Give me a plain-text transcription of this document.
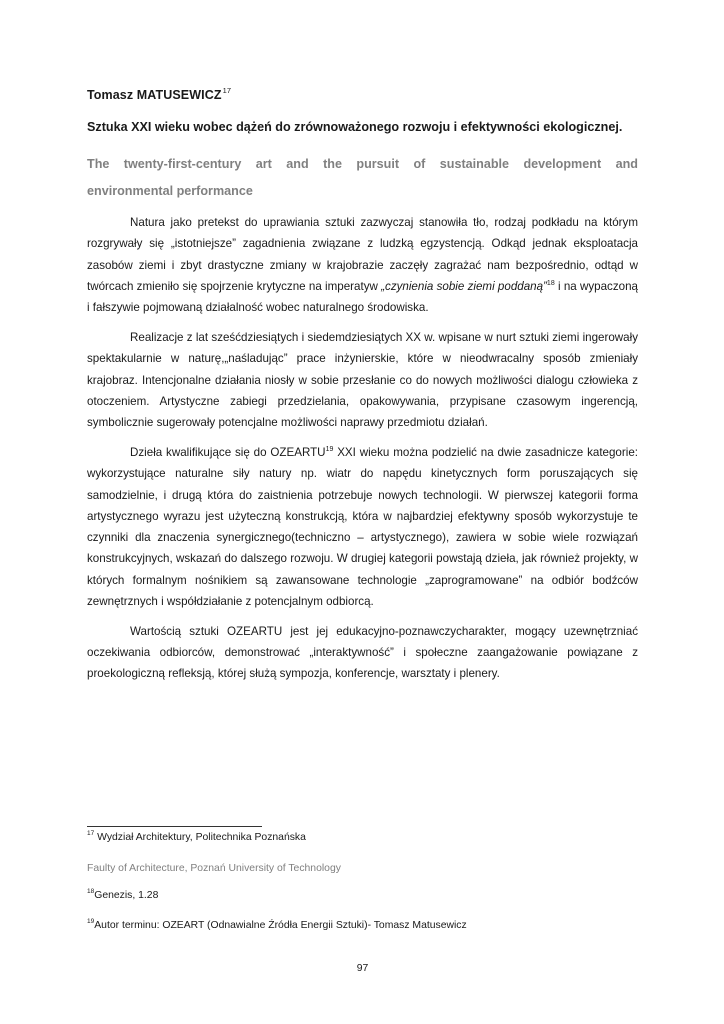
Tomasz MATUSEWICZ$^{17}$
Sztuka XXI wieku wobec dążeń do zrównoważonego rozwoju i efektywności ekologicznej.
The twenty-first-century art and the pursuit of sustainable development and
environmental performance

Natura jako pretekst do uprawiania sztuki zazwyczaj stanowiła tło, rodzaj podkładu na którym rozgrywały się „istotniejsze” zagadnienia związane z ludzką egzystencją. Odkąd jednak eksploatacja zasobów ziemi i zbyt drastyczne zmiany w krajobrazie zaczęły zagrażać nam bezpośrednio, odtąd w twórcach zmieniło się spojrzenie krytyczne na imperatyw „czynienia sobie ziemi poddaną”$^{18}$ i na wypaczoną i fałszywie pojmowaną działalność wobec naturalnego środowiska.

Realizacje z lat sześćdziesiątych i siedemdziesiątych XX w. wpisane w nurt sztuki ziemi ingerowały spektakularnie w naturę,„naśladując” prace inżynierskie, które w nieodwracalny sposób zmieniały krajobraz. Intencjonalne działania niosły w sobie przesłanie co do nowych możliwości dialogu człowieka z otoczeniem. Artystyczne zabiegi przedzielania, opakowywania, przypisane czasowym ingerencją, symbolicznie sugerowały potencjalne możliwości naprawy przedmiotu działań.

Dzieła kwalifikujące się do OZEARTU$^{19}$ XXI wieku można podzielić na dwie zasadnicze kategorie: wykorzystujące naturalne siły natury np. wiatr do napędu kinetycznych form poruszających się samodzielnie, i drugą która do zaistnienia potrzebuje nowych technologii. W pierwszej kategorii forma artystycznego wyrazu jest użyteczną konstrukcją, która w najbardziej efektywny sposób wykorzystuje te czynniki dla znaczenia synergicznego(techniczno – artystycznego), zawiera w sobie wiele rozwiązań konstrukcyjnych, wskazań do dalszego rozwoju. W drugiej kategorii powstają dzieła, jak również projekty, w których formalnym nośnikiem są zawansowane technologie „zaprogramowane” na odbiór bodźców zewnętrznych i współdziałanie z potencjalnym odbiorcą.

Wartością sztuki OZEARTU jest jej edukacyjno-poznawczycharakter, mogący uzewnętrzniać oczekiwania odbiorców, demonstrować „interaktywność” i społeczne zaangażowanie powiązane z proekologiczną refleksją, której służą sympozja, konferencje, warsztaty i plenery.

$^{17}$ Wydział Architektury, Politechnika Poznańska
Faulty of Architecture, Poznań University of Technology
$^{18}$Genezis, 1.28
$^{19}$Autor terminu: OZEART (Odnawialne Źródła Energii Sztuki)- Tomasz Matusewicz
97
